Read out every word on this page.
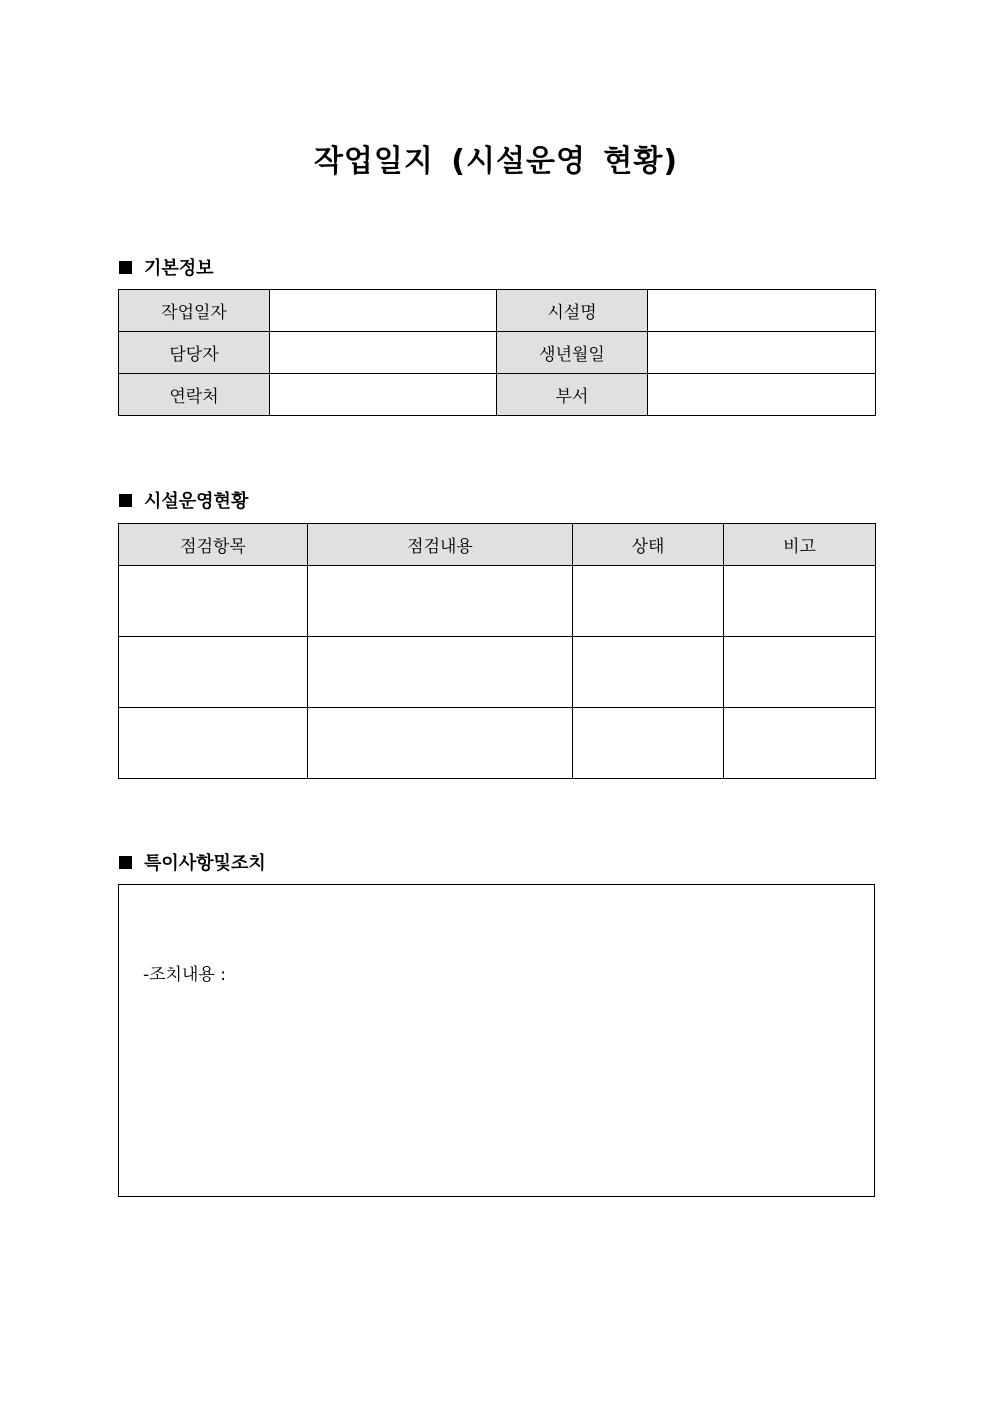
작업일지 (시설운영 현황)
기본정보
작업일자		시설명	
담당자		생년월일	
연락처		부서	
시설운영현황
점검항목	점검내용	상태	비고

특이사항및조치
-조치내용 :
